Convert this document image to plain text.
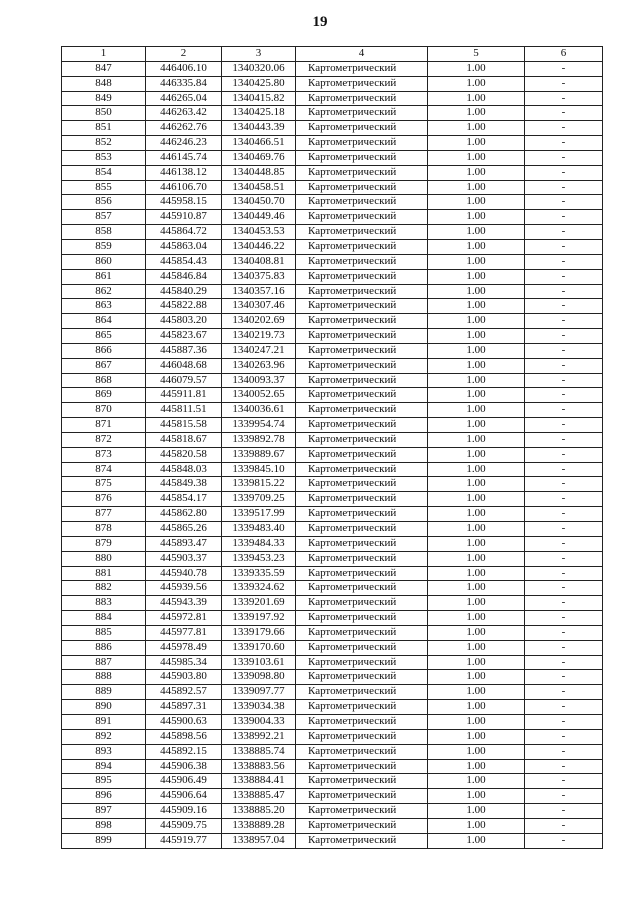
19
1	2	3	4	5	6
847	446406.10	1340320.06	Картометрический	1.00	-
848	446335.84	1340425.80	Картометрический	1.00	-
849	446265.04	1340415.82	Картометрический	1.00	-
850	446263.42	1340425.18	Картометрический	1.00	-
851	446262.76	1340443.39	Картометрический	1.00	-
852	446246.23	1340466.51	Картометрический	1.00	-
853	446145.74	1340469.76	Картометрический	1.00	-
854	446138.12	1340448.85	Картометрический	1.00	-
855	446106.70	1340458.51	Картометрический	1.00	-
856	445958.15	1340450.70	Картометрический	1.00	-
857	445910.87	1340449.46	Картометрический	1.00	-
858	445864.72	1340453.53	Картометрический	1.00	-
859	445863.04	1340446.22	Картометрический	1.00	-
860	445854.43	1340408.81	Картометрический	1.00	-
861	445846.84	1340375.83	Картометрический	1.00	-
862	445840.29	1340357.16	Картометрический	1.00	-
863	445822.88	1340307.46	Картометрический	1.00	-
864	445803.20	1340202.69	Картометрический	1.00	-
865	445823.67	1340219.73	Картометрический	1.00	-
866	445887.36	1340247.21	Картометрический	1.00	-
867	446048.68	1340263.96	Картометрический	1.00	-
868	446079.57	1340093.37	Картометрический	1.00	-
869	445911.81	1340052.65	Картометрический	1.00	-
870	445811.51	1340036.61	Картометрический	1.00	-
871	445815.58	1339954.74	Картометрический	1.00	-
872	445818.67	1339892.78	Картометрический	1.00	-
873	445820.58	1339889.67	Картометрический	1.00	-
874	445848.03	1339845.10	Картометрический	1.00	-
875	445849.38	1339815.22	Картометрический	1.00	-
876	445854.17	1339709.25	Картометрический	1.00	-
877	445862.80	1339517.99	Картометрический	1.00	-
878	445865.26	1339483.40	Картометрический	1.00	-
879	445893.47	1339484.33	Картометрический	1.00	-
880	445903.37	1339453.23	Картометрический	1.00	-
881	445940.78	1339335.59	Картометрический	1.00	-
882	445939.56	1339324.62	Картометрический	1.00	-
883	445943.39	1339201.69	Картометрический	1.00	-
884	445972.81	1339197.92	Картометрический	1.00	-
885	445977.81	1339179.66	Картометрический	1.00	-
886	445978.49	1339170.60	Картометрический	1.00	-
887	445985.34	1339103.61	Картометрический	1.00	-
888	445903.80	1339098.80	Картометрический	1.00	-
889	445892.57	1339097.77	Картометрический	1.00	-
890	445897.31	1339034.38	Картометрический	1.00	-
891	445900.63	1339004.33	Картометрический	1.00	-
892	445898.56	1338992.21	Картометрический	1.00	-
893	445892.15	1338885.74	Картометрический	1.00	-
894	445906.38	1338883.56	Картометрический	1.00	-
895	445906.49	1338884.41	Картометрический	1.00	-
896	445906.64	1338885.47	Картометрический	1.00	-
897	445909.16	1338885.20	Картометрический	1.00	-
898	445909.75	1338889.28	Картометрический	1.00	-
899	445919.77	1338957.04	Картометрический	1.00	-
